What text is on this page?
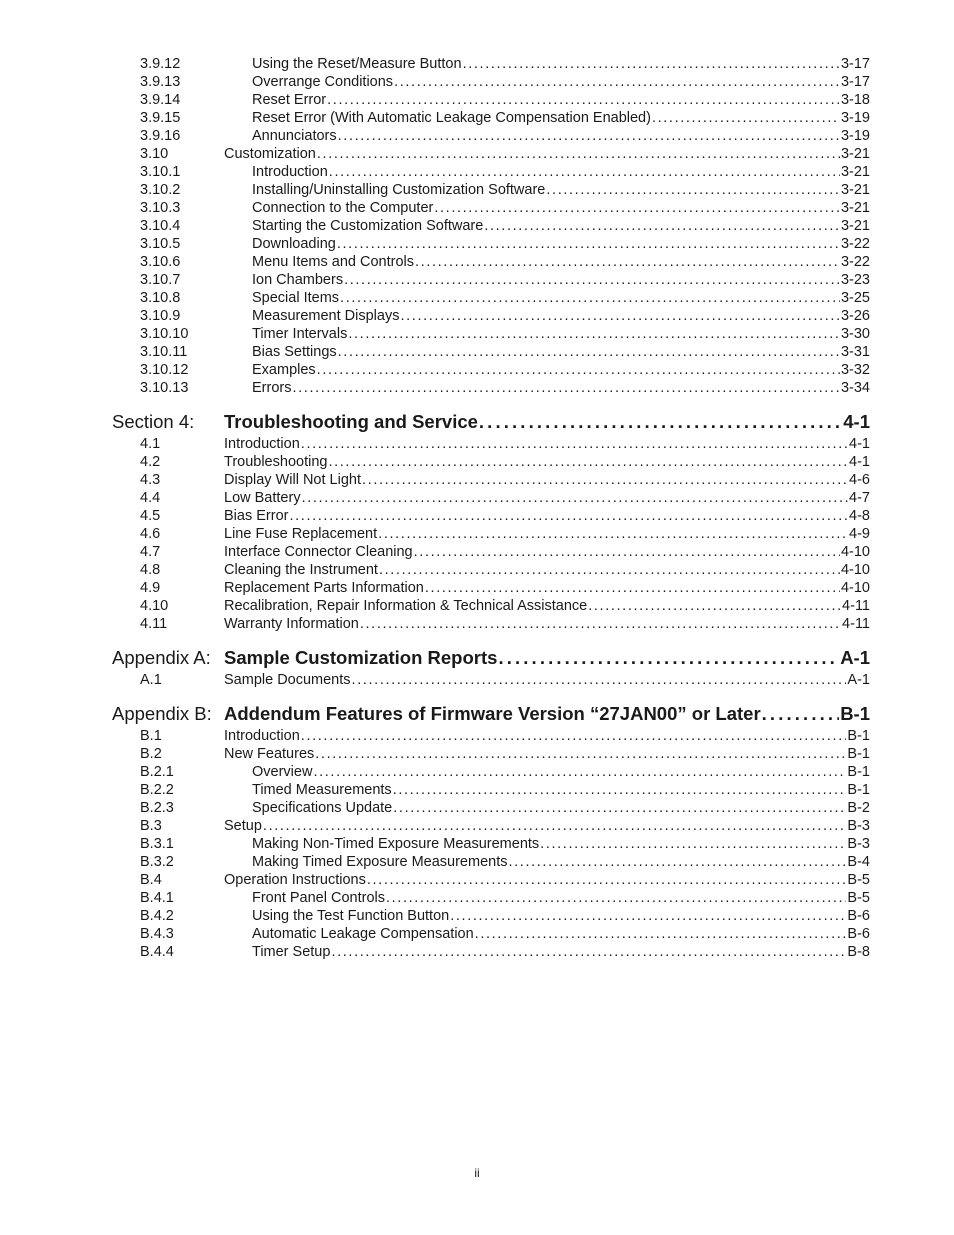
3.9.12	Using the Reset/Measure Button . . .	3-17
3.9.13	Overrange Conditions . . .	3-17
3.9.14	Reset Error . . .	3-18
3.9.15	Reset Error (With Automatic Leakage Compensation Enabled) . . .	3-19
3.9.16	Annunciators . . .	3-19
3.10	Customization . . .	3-21
3.10.1	Introduction . . .	3-21
3.10.2	Installing/Uninstalling Customization Software . . .	3-21
3.10.3	Connection to the Computer . . .	3-21
3.10.4	Starting the Customization Software . . .	3-21
3.10.5	Downloading . . .	3-22
3.10.6	Menu Items and Controls . . .	3-22
3.10.7	Ion Chambers . . .	3-23
3.10.8	Special Items . . .	3-25
3.10.9	Measurement Displays . . .	3-26
3.10.10	Timer Intervals . . .	3-30
3.10.11	Bias Settings . . .	3-31
3.10.12	Examples . . .	3-32
3.10.13	Errors . . .	3-34
Section 4: Troubleshooting and Service . . .	4-1
4.1	Introduction . . .	4-1
4.2	Troubleshooting . . .	4-1
4.3	Display Will Not Light . . .	4-6
4.4	Low Battery . . .	4-7
4.5	Bias Error . . .	4-8
4.6	Line Fuse Replacement . . .	4-9
4.7	Interface Connector Cleaning . . .	4-10
4.8	Cleaning the Instrument . . .	4-10
4.9	Replacement Parts Information . . .	4-10
4.10	Recalibration, Repair Information & Technical Assistance . . .	4-11
4.11	Warranty Information . . .	4-11
Appendix A: Sample Customization Reports . . .	A-1
A.1	Sample Documents . . .	A-1
Appendix B: Addendum Features of Firmware Version “27JAN00” or Later . . .	B-1
B.1	Introduction . . .	B-1
B.2	New Features . . .	B-1
B.2.1	Overview . . .	B-1
B.2.2	Timed Measurements . . .	B-1
B.2.3	Specifications Update . . .	B-2
B.3	Setup . . .	B-3
B.3.1	Making Non-Timed Exposure Measurements . . .	B-3
B.3.2	Making Timed Exposure Measurements . . .	B-4
B.4	Operation Instructions . . .	B-5
B.4.1	Front Panel Controls . . .	B-5
B.4.2	Using the Test Function Button . . .	B-6
B.4.3	Automatic Leakage Compensation . . .	B-6
B.4.4	Timer Setup . . .	B-8
ii
